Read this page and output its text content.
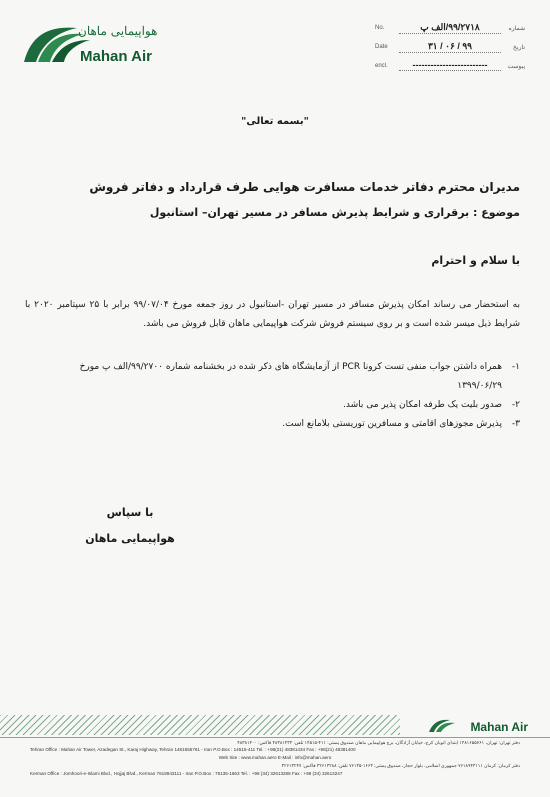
هواپیمایی ماهان
Mahan Air
No.	۹۹/۲۷۱۸/الف پ	شماره
Date	۹۹ / ۰۶ / ۳۱	تاریخ
encl.	-------------------------	پیوست
"بسمه تعالی"
مدیران محترم دفاتر خدمات مسافرت هوایی طرف قرارداد و دفاتر فروش
موضوع : برقراری و شرایط پذیرش مسافر در مسیر تهران– استانبول
با سلام و احترام
به استحضار می رساند امکان پذیرش مسافر در مسیر تهران -استانبول در روز جمعه مورخ ۹۹/۰۷/۰۴ برابر با ۲۵ سپتامبر ۲۰۲۰ با شرایط ذیل میسر شده است و بر روی سیستم فروش شرکت هواپیمایی ماهان قابل فروش می باشد.
۱-
همراه داشتن جواب منفی تست کرونا PCR از آزمایشگاه های ذکر شده در بخشنامه شماره ۹۹/۲۷۰۰/الف پ مورخ ۱۳۹۹/۰۶/۲۹
۲-
صدور بلیت یک طرفه امکان پذیر می باشد.
۳-
پذیرش مجوزهای اقامتی و مسافرین توریستی بلامانع است.
با سپاس
هواپیمایی ماهان
Mahan Air
دفتر تهران: تهران، ۱۴۸۱۶۵۵۷۶۱ ابتدای اتوبان کرج، خیابان آزادگان، برج هواپیمایی ماهان صندوق پستی: ۴۱۱-۱۴۵۱۵ تلفن: ۴۸۳۸۱۴۳۴ فاکس: ۴۸۳۸۱۴۰۰
Tehran Office : Mahan Air Tower, Azadegan St., Karaj Highway, Tehran 1481655761 - Iran P.O.Box : 14515-411 Tel. : +98(21) 48381434 Fax : +98(21) 48381400
Web Site : www.mahan.aero E-Mail : info@mahan.aero
دفتر کرمان: کرمان ۷۶۱۸۹۴۳۱۱۱ جمهوری اسلامی، بلوار حجاز، صندوق پستی: ۱۶۶۳-۷۶۱۳۵ تلفن: ۳۲۶۱۳۲۸۸ فاکس: ۳۲۶۱۳۲۴۷
Kerman Office : Jomhoori-e-Islami Blvd., Hojjaj Blvd., Kerman 7618943111 - Iran P.O.Box : 76135-1663 Tel. : +98 (34) 32613288 Fax : +98 (34) 32613247
